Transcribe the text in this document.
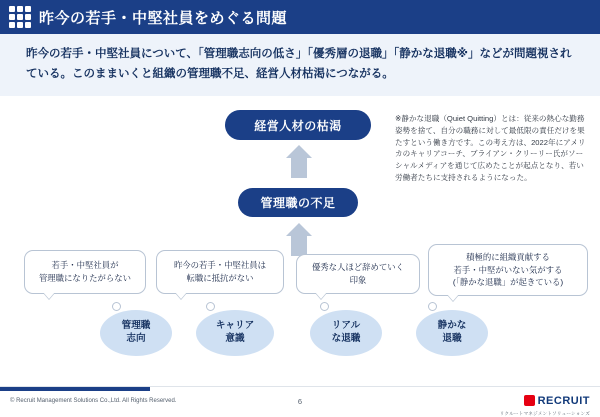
昨今の若手・中堅社員をめぐる問題

昨今の若手・中堅社員について、「管理職志向の低さ」「優秀層の退職」「静かな退職※」などが問題視されている。このままいくと組織の管理職不足、経営人材枯渇につながる。

※静かな退職（Quiet Quitting）とは：従来の熱心な勤務姿勢を捨て、自分の職務に対して最低限の責任だけを果たすという働き方です。この考え方は、2022年にアメリカのキャリアコーチ、ブライアン・クリーリー氏がソーシャルメディアを通じて広めたことが起点となり、若い労働者たちに支持されるようになった。
経営人材の枯渇
管理職の不足
若手・中堅社員が
管理職になりたがらない
昨今の若手・中堅社員は
転職に抵抗がない
優秀な人ほど辞めていく
印象
積極的に組織貢献する
若手・中堅がいない気がする
(「静かな退職」が起きている)
管理職
志向
キャリア
意識
リアル
な退職
静かな
退職
© Recruit Management Solutions Co.,Ltd. All Rights Reserved.	6	RECRUIT
リクルートマネジメントソリューションズ
